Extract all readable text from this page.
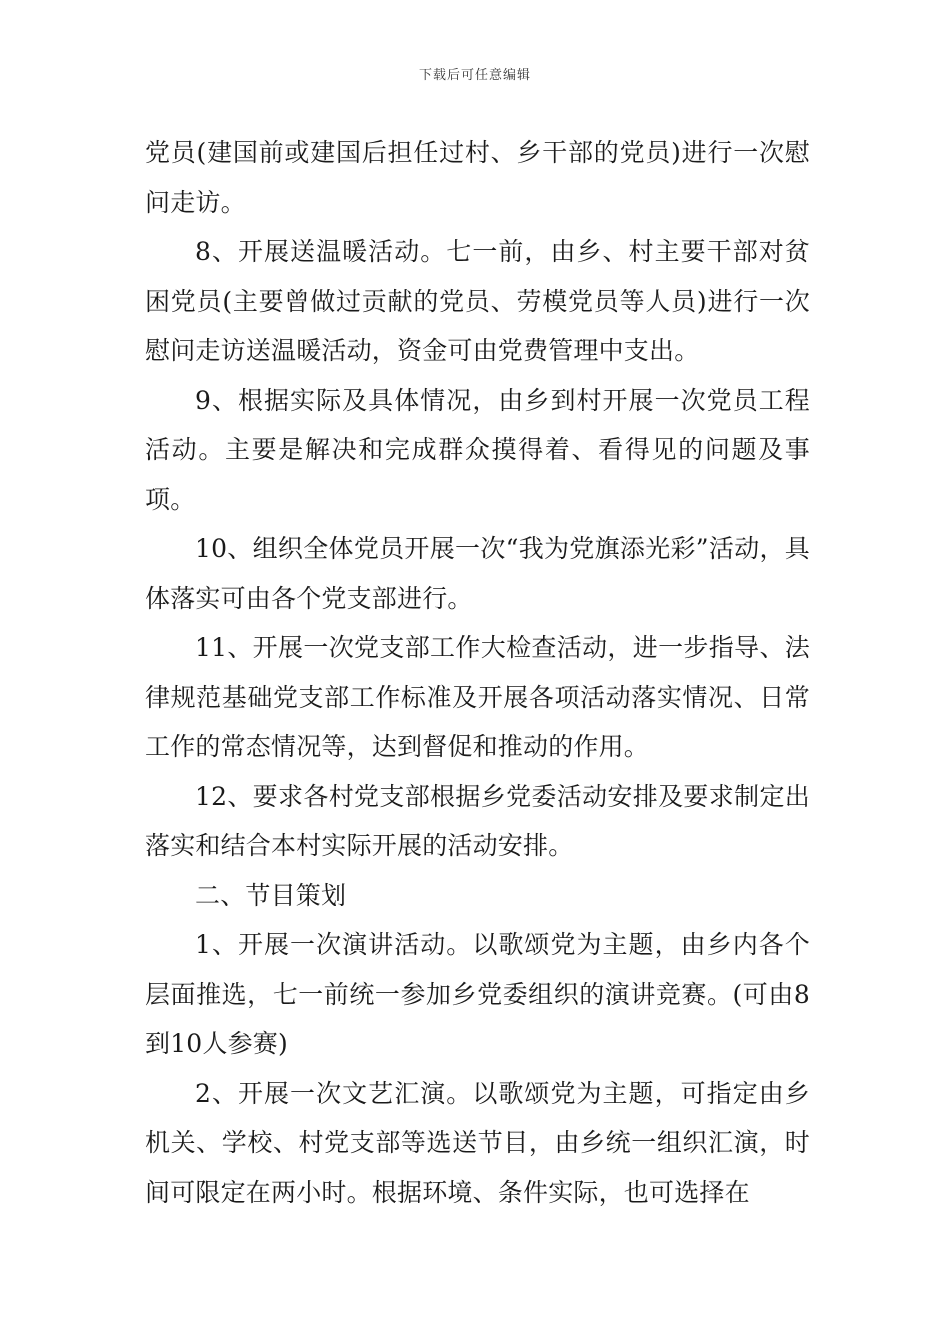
下载后可任意编辑

党员(建国前或建国后担任过村、乡干部的党员)进行一次慰问走访。

8、开展送温暖活动。七一前，由乡、村主要干部对贫困党员(主要曾做过贡献的党员、劳模党员等人员)进行一次慰问走访送温暖活动，资金可由党费管理中支出。

9、根据实际及具体情况，由乡到村开展一次党员工程活动。主要是解决和完成群众摸得着、看得见的问题及事项。

10、组织全体党员开展一次“我为党旗添光彩”活动，具体落实可由各个党支部进行。

11、开展一次党支部工作大检查活动，进一步指导、法律规范基础党支部工作标准及开展各项活动落实情况、日常工作的常态情况等，达到督促和推动的作用。

12、要求各村党支部根据乡党委活动安排及要求制定出落实和结合本村实际开展的活动安排。

二、节目策划

1、开展一次演讲活动。以歌颂党为主题，由乡内各个层面推选，七一前统一参加乡党委组织的演讲竞赛。(可由8到10人参赛)

2、开展一次文艺汇演。以歌颂党为主题，可指定由乡机关、学校、村党支部等选送节目，由乡统一组织汇演，时间可限定在两小时。根据环境、条件实际，也可选择在
